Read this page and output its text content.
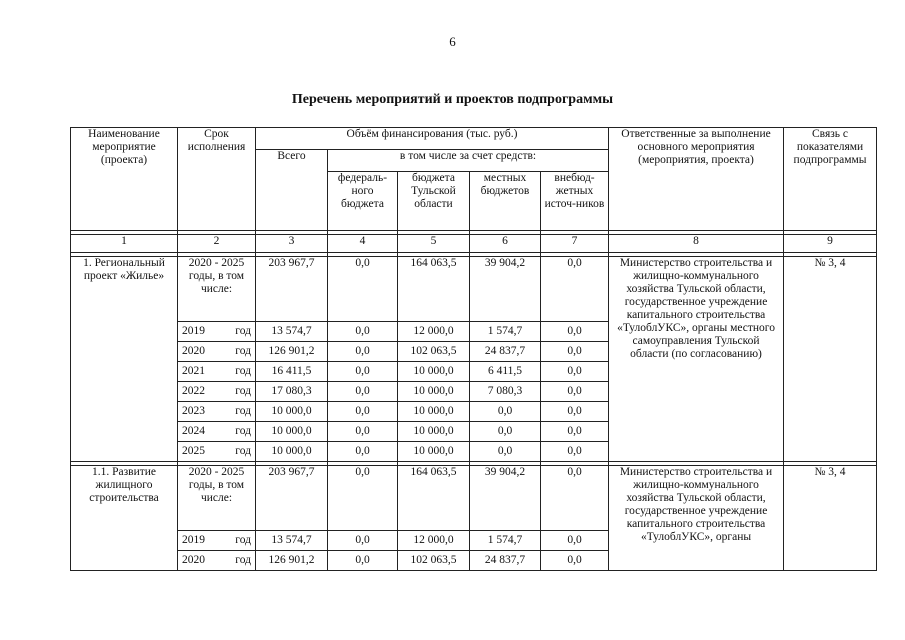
6
Перечень мероприятий и проектов подпрограммы
Наименование мероприятие (проекта)	Срок исполнения	Объём финансирования (тыс. руб.)					Ответственные за выполнение основного мероприятия (мероприятия, проекта)	Связь с показателями подпрограммы
		Всего	в том числе за счет средств:					
			федераль-ного бюджета	бюджета Тульской области	местных бюджетов	внебюд-жетных источ-ников		

1	2	3	4	5	6	7	8	9

1. Региональный проект «Жилье»	2020 - 2025 годы, в том числе:	203 967,7	0,0	164 063,5	39 904,2	0,0	Министерство строительства и жилищно-коммунального хозяйства Тульской области, государственное учреждение капитального строительства «ТулоблУКС», органы местного самоуправления Тульской области (по согласованию)	№ 3, 4

	2019 год	13 574,7	0,0	12 000,0	1 574,7	0,0		

	2020 год	126 901,2	0,0	102 063,5	24 837,7	0,0		

	2021 год	16 411,5	0,0	10 000,0	6 411,5	0,0		

	2022 год	17 080,3	0,0	10 000,0	7 080,3	0,0		

	2023 год	10 000,0	0,0	10 000,0	0,0	0,0		

	2024 год	10 000,0	0,0	10 000,0	0,0	0,0		

	2025 год	10 000,0	0,0	10 000,0	0,0	0,0		

1.1. Развитие жилищного строительства	2020 - 2025 годы, в том числе:	203 967,7	0,0	164 063,5	39 904,2	0,0	Министерство строительства и жилищно-коммунального хозяйства Тульской области, государственное учреждение капитального строительства «ТулоблУКС», органы	№ 3, 4

	2019 год	13 574,7	0,0	12 000,0	1 574,7	0,0		

	2020 год	126 901,2	0,0	102 063,5	24 837,7	0,0		
